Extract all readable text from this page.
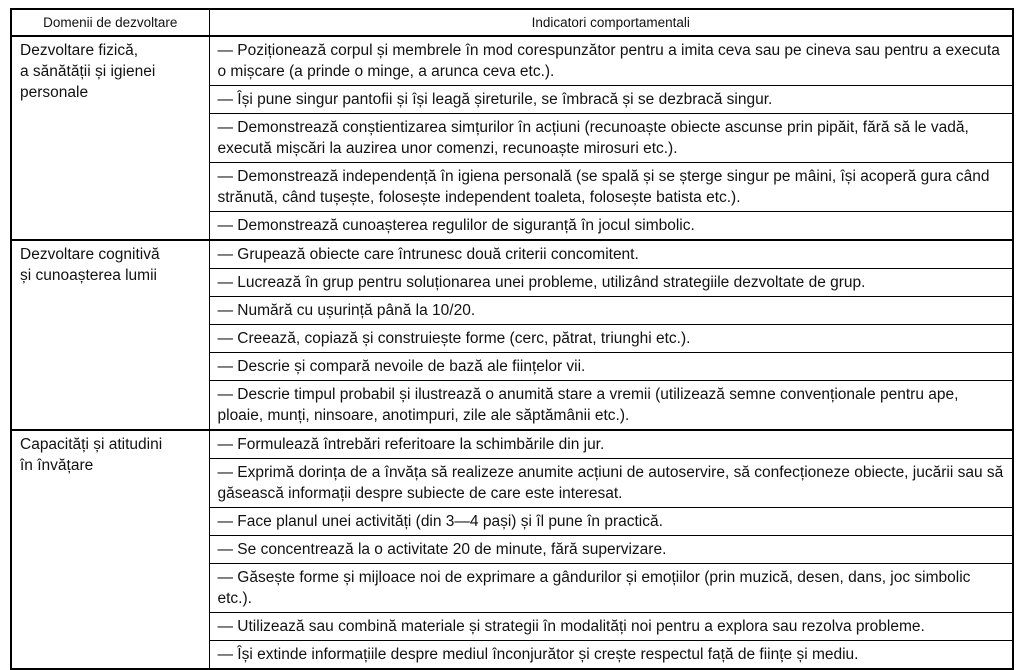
Domenii de dezvoltare	Indicatori comportamentali

Dezvoltare fizică,
a sănătății și igienei
personale	— Poziționează corpul și membrele în mod corespunzător pentru a imita ceva sau pe cineva sau pentru a executa o mișcare (a prinde o minge, a arunca ceva etc.).
	— Își pune singur pantofii și își leagă șireturile, se îmbracă și se dezbracă singur.
	— Demonstrează conștientizarea simțurilor în acțiuni (recunoaște obiecte ascunse prin pipăit, fără să le vadă, execută mișcări la auzirea unor comenzi, recunoaște mirosuri etc.).
	— Demonstrează independență în igiena personală (se spală și se șterge singur pe mâini, își acoperă gura când strănută, când tușește, folosește independent toaleta, folosește batista etc.).
	— Demonstrează cunoașterea regulilor de siguranță în jocul simbolic.

Dezvoltare cognitivă
și cunoașterea lumii	— Grupează obiecte care întrunesc două criterii concomitent.
	— Lucrează în grup pentru soluționarea unei probleme, utilizând strategiile dezvoltate de grup.
	— Numără cu ușurință până la 10/20.
	— Creează, copiază și construiește forme (cerc, pătrat, triunghi etc.).
	— Descrie și compară nevoile de bază ale ființelor vii.
	— Descrie timpul probabil și ilustrează o anumită stare a vremii (utilizează semne convenționale pentru ape, ploaie, munți, ninsoare, anotimpuri, zile ale săptămânii etc.).

Capacități și atitudini
în învățare	— Formulează întrebări referitoare la schimbările din jur.
	— Exprimă dorința de a învăța să realizeze anumite acțiuni de autoservire, să confecționeze obiecte, jucării sau să găsească informații despre subiecte de care este interesat.
	— Face planul unei activități (din 3—4 pași) și îl pune în practică.
	— Se concentrează la o activitate 20 de minute, fără supervizare.
	— Găsește forme și mijloace noi de exprimare a gândurilor și emoțiilor (prin muzică, desen, dans, joc simbolic etc.).
	— Utilizează sau combină materiale și strategii în modalități noi pentru a explora sau rezolva probleme.
	— Își extinde informațiile despre mediul înconjurător și crește respectul față de ființe și mediu.
